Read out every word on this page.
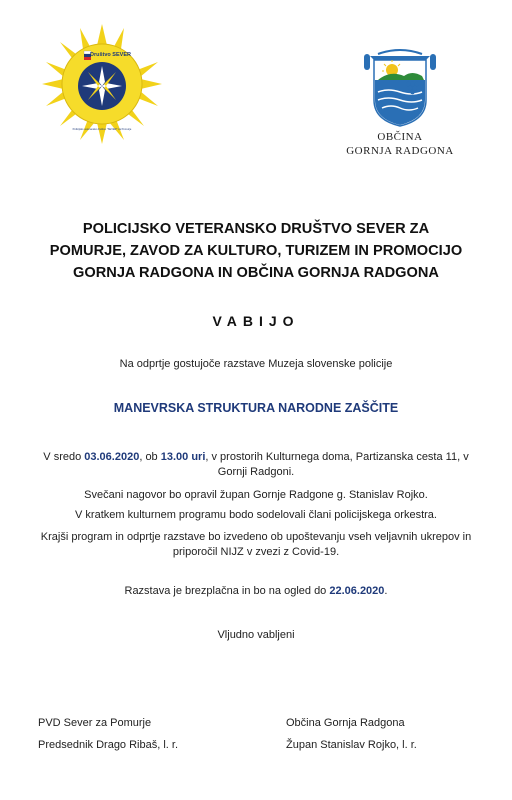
Društvo SEVER
Policijsko veteransko društvo "SEVER" za Pomurje
OBČINA
GORNJA RADGONA
POLICIJSKO VETERANSKO DRUŠTVO SEVER ZA
POMURJE, ZAVOD ZA KULTURO, TURIZEM IN PROMOCIJO
GORNJA RADGONA IN OBČINA GORNJA RADGONA
VABIJO
Na odprtje gostujoče razstave Muzeja slovenske policije
MANEVRSKA STRUKTURA NARODNE ZAŠČITE
V sredo 03.06.2020, ob 13.00 uri, v prostorih Kulturnega doma, Partizanska cesta 11, v Gornji Radgoni.
Svečani nagovor bo opravil župan Gornje Radgone g. Stanislav Rojko.
V kratkem kulturnem programu bodo sodelovali člani policijskega orkestra.
Krajši program in odprtje razstave bo izvedeno ob upoštevanju vseh veljavnih ukrepov in priporočil NIJZ v zvezi z Covid-19.
Razstava je brezplačna in bo na ogled do 22.06.2020.
Vljudno vabljeni
PVD Sever za Pomurje
Predsednik Drago Ribaš, l. r.
Občina Gornja Radgona
Župan Stanislav Rojko, l. r.
